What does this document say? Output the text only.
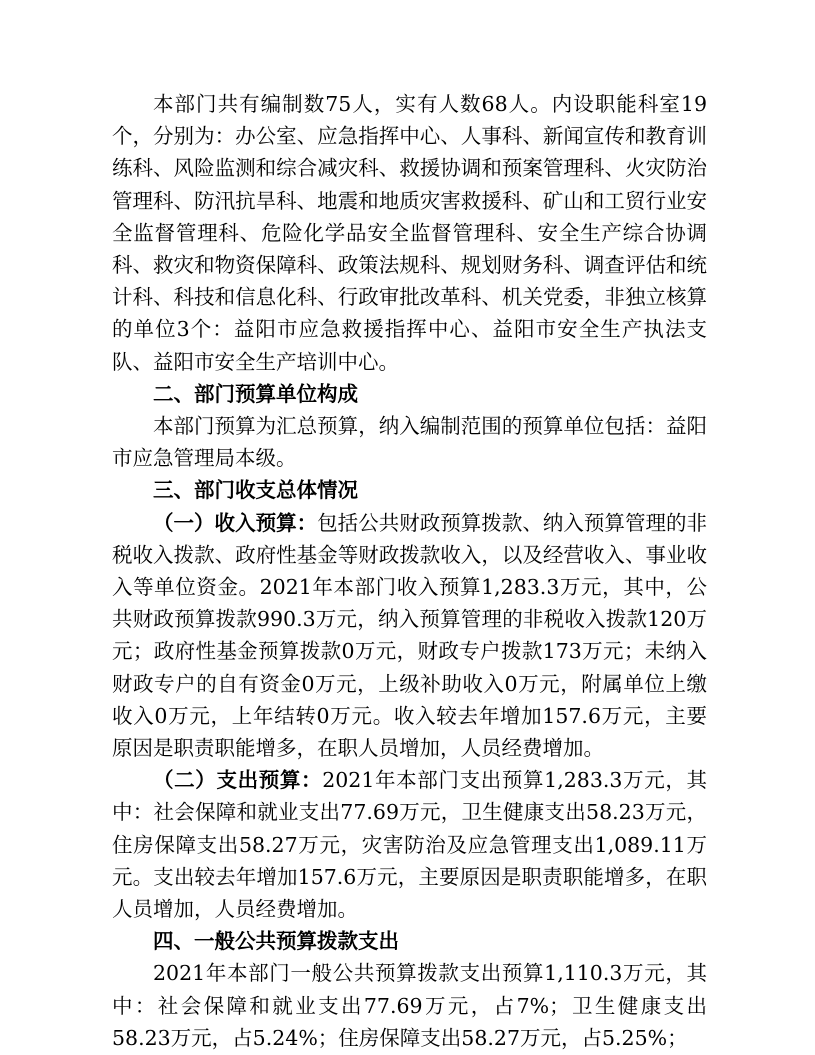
本部门共有编制数75人，实有人数68人。内设职能科室19个，分别为：办公室、应急指挥中心、人事科、新闻宣传和教育训练科、风险监测和综合减灾科、救援协调和预案管理科、火灾防治管理科、防汛抗旱科、地震和地质灾害救援科、矿山和工贸行业安全监督管理科、危险化学品安全监督管理科、安全生产综合协调科、救灾和物资保障科、政策法规科、规划财务科、调查评估和统计科、科技和信息化科、行政审批改革科、机关党委，非独立核算的单位3个：益阳市应急救援指挥中心、益阳市安全生产执法支队、益阳市安全生产培训中心。

二、部门预算单位构成

本部门预算为汇总预算，纳入编制范围的预算单位包括：益阳市应急管理局本级。

三、部门收支总体情况

（一）收入预算：包括公共财政预算拨款、纳入预算管理的非税收入拨款、政府性基金等财政拨款收入，以及经营收入、事业收入等单位资金。2021年本部门收入预算1,283.3万元，其中，公共财政预算拨款990.3万元，纳入预算管理的非税收入拨款120万元；政府性基金预算拨款0万元，财政专户拨款173万元；未纳入财政专户的自有资金0万元，上级补助收入0万元，附属单位上缴收入0万元，上年结转0万元。收入较去年增加157.6万元，主要原因是职责职能增多，在职人员增加，人员经费增加。

（二）支出预算：2021年本部门支出预算1,283.3万元，其中：社会保障和就业支出77.69万元，卫生健康支出58.23万元，住房保障支出58.27万元，灾害防治及应急管理支出1,089.11万元。支出较去年增加157.6万元，主要原因是职责职能增多，在职人员增加，人员经费增加。

四、一般公共预算拨款支出

2021年本部门一般公共预算拨款支出预算1,110.3万元，其中：社会保障和就业支出77.69万元，占7%；卫生健康支出58.23万元，占5.24%；住房保障支出58.27万元，占5.25%；
